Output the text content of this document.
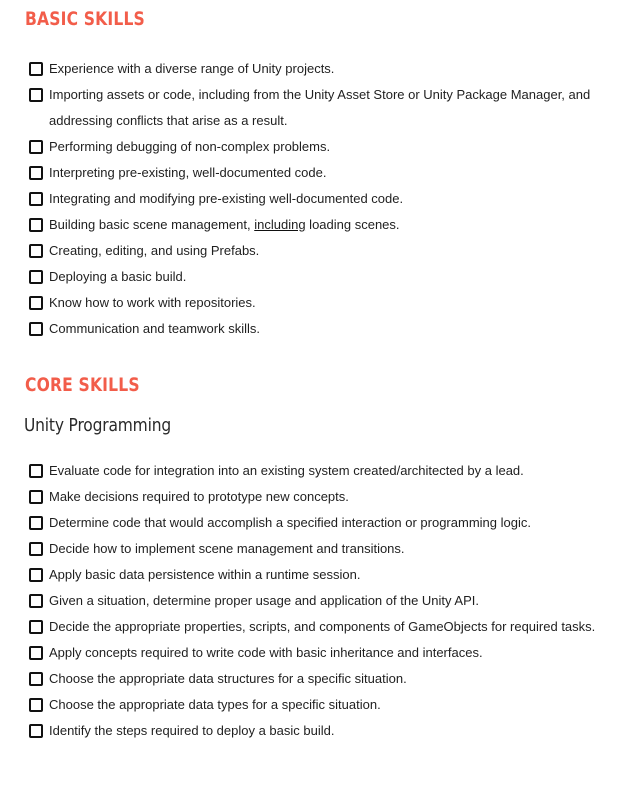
BASIC SKILLS
Experience with a diverse range of Unity projects.
Importing assets or code, including from the Unity Asset Store or Unity Package Manager, and addressing conflicts that arise as a result.
Performing debugging of non-complex problems.
Interpreting pre-existing, well-documented code.
Integrating and modifying pre-existing well-documented code.
Building basic scene management, including loading scenes.
Creating, editing, and using Prefabs.
Deploying a basic build.
Know how to work with repositories.
Communication and teamwork skills.
CORE SKILLS
Unity Programming
Evaluate code for integration into an existing system created/architected by a lead.
Make decisions required to prototype new concepts.
Determine code that would accomplish a specified interaction or programming logic.
Decide how to implement scene management and transitions.
Apply basic data persistence within a runtime session.
Given a situation, determine proper usage and application of the Unity API.
Decide the appropriate properties, scripts, and components of GameObjects for required tasks.
Apply concepts required to write code with basic inheritance and interfaces.
Choose the appropriate data structures for a specific situation.
Choose the appropriate data types for a specific situation.
Identify the steps required to deploy a basic build.
